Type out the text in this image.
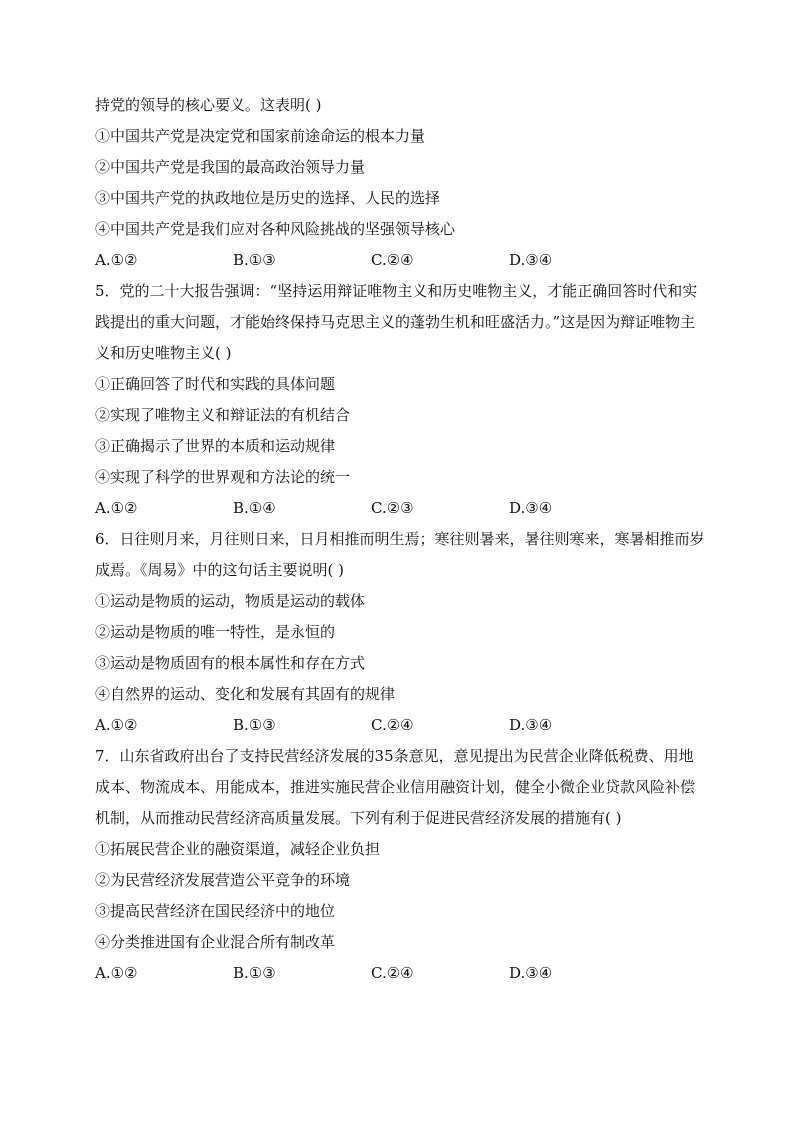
持党的领导的核心要义。这表明( )
①中国共产党是决定党和国家前途命运的根本力量
②中国共产党是我国的最高政治领导力量
③中国共产党的执政地位是历史的选择、人民的选择
④中国共产党是我们应对各种风险挑战的坚强领导核心
A.①②	B.①③	C.②④	D.③④
5．党的二十大报告强调：“坚持运用辩证唯物主义和历史唯物主义，才能正确回答时代和实践提出的重大问题，才能始终保持马克思主义的蓬勃生机和旺盛活力。”这是因为辩证唯物主义和历史唯物主义( )
①正确回答了时代和实践的具体问题
②实现了唯物主义和辩证法的有机结合
③正确揭示了世界的本质和运动规律
④实现了科学的世界观和方法论的统一
A.①②	B.①④	C.②③	D.③④
6．日往则月来，月往则日来，日月相推而明生焉；寒往则暑来，暑往则寒来，寒暑相推而岁成焉。《周易》中的这句话主要说明( )
①运动是物质的运动，物质是运动的载体
②运动是物质的唯一特性，是永恒的
③运动是物质固有的根本属性和存在方式
④自然界的运动、变化和发展有其固有的规律
A.①②	B.①③	C.②④	D.③④
7．山东省政府出台了支持民营经济发展的35条意见，意见提出为民营企业降低税费、用地成本、物流成本、用能成本，推进实施民营企业信用融资计划，健全小微企业贷款风险补偿机制，从而推动民营经济高质量发展。下列有利于促进民营经济发展的措施有( )
①拓展民营企业的融资渠道，减轻企业负担
②为民营经济发展营造公平竞争的环境
③提高民营经济在国民经济中的地位
④分类推进国有企业混合所有制改革
A.①②	B.①③	C.②④	D.③④
